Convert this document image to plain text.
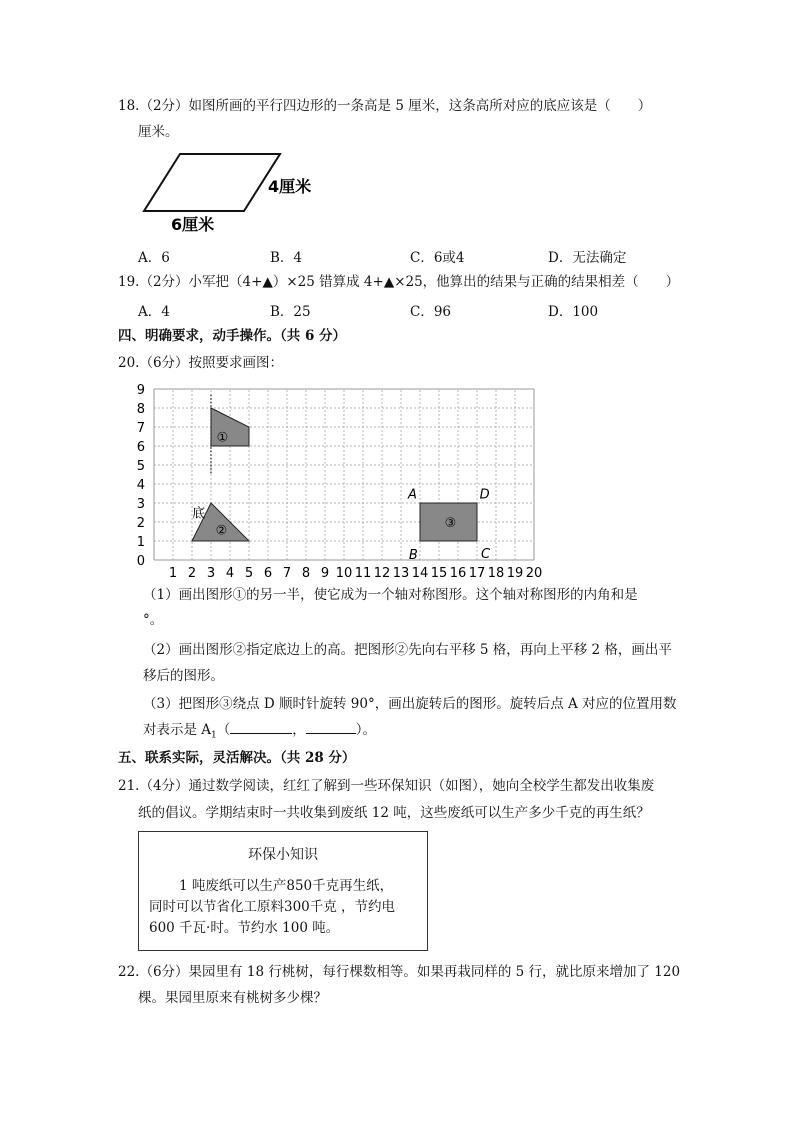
18.（2分）如图所画的平行四边形的一条高是 5 厘米，这条高所对应的底应该是（　　）
厘米。
4厘米
6厘米
A．6	B．4	C．6或4	D．无法确定
19.（2分）小军把（4+▲）×25 错算成 4+▲×25，他算出的结果与正确的结果相差（　　）
A．4	B．25	C．96	D．100
四、明确要求，动手操作。（共 6 分）
20.（6分）按照要求画图：
0
1
2
3
4
5
6
7
8
9
1 2 3 4 5 6 7 8 9 10 11 12 13 14 15 16 17 18 19 20
①
②
底
③
A
B	C
D
（1）画出图形①的另一半，使它成为一个轴对称图形。这个轴对称图形的内角和是
°。
（2）画出图形②指定底边上的高。把图形②先向右平移 5 格，再向上平移 2 格，画出平
移后的图形。
（3）把图形③绕点 D 顺时针旋转 90°，画出旋转后的图形。旋转后点 A 对应的位置用数
对表示是 $A_1$（	，	）。
五、联系实际，灵活解决。（共 28 分）
21.（4分）通过数学阅读，红红了解到一些环保知识（如图），她向全校学生都发出收集废
纸的倡议。学期结束时一共收集到废纸 12 吨，这些废纸可以生产多少千克的再生纸？
环保小知识
1 吨废纸可以生产850千克再生纸，
同时可以节省化工原料300千克 ，节约电
600 千瓦·时。节约水 100 吨。
22.（6分）果园里有 18 行桃树，每行棵数相等。如果再栽同样的 5 行，就比原来增加了 120
棵。果园里原来有桃树多少棵？
